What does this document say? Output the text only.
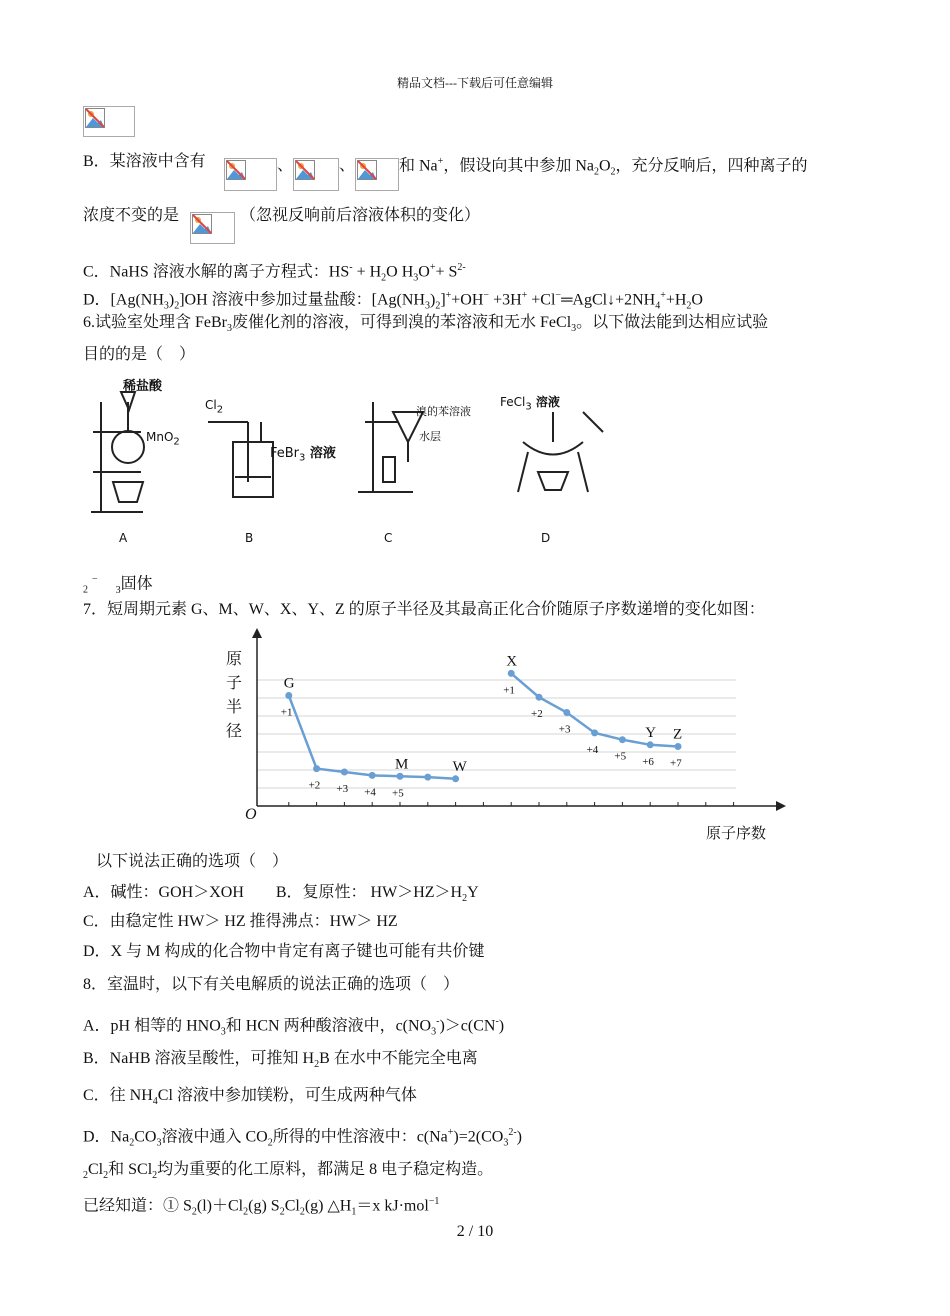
精品文档---下载后可任意编辑
B．某溶液中含有	、	、	和 Na+，假设向其中参加 $Na_2O_2$，充分反响后，四种离子的
浓度不变的是	（忽视反响前后溶液体积的变化）
C．NaHS 溶液水解的离子方程式：$HS^- + H_2O$ $H_3O^++ S^{2-}$
D．$[Ag(NH_3)_2]OH$ 溶液中参加过量盐酸：$[Ag(NH_3)_2]^++OH^- +3H^+$ $+Cl^-═AgCl↓+2NH_4^++H_2O$
6.试验室处理含 FeBr$_3$废催化剂的溶液，可得到溴的苯溶液和无水 FeCl$_3$。以下做法能到达相应试验
目的的是（　）
稀盐酸
MnO$_2$
$Cl_2$
FeBr$_3$ 溶液
溴的苯溶液
水层
FeCl$_3$ 溶液
A	B	C	D
$_2$−$_3$固体
7．短周期元素 G、M、W、X、Y、Z 的原子半径及其最高正化合价随原子序数递增的变化如图：
G
M	W
X
Y Z
+1
+2 +3 +4 +5
+1
+2
+3
+4
+5 +6 +7
原
子
半
径
O
原子序数
以下说法正确的选项（　）
A．碱性：GOH＞XOH　　B．复原性： $HW>HZ>H_2Y$
C．由稳定性 HW＞ HZ 推得沸点：HW＞ HZ
D．X 与 M 构成的化合物中肯定有离子键也可能有共价键
8．室温时，以下有关电解质的说法正确的选项（　）
A．pH 相等的 $HNO_3$和 HCN 两种酸溶液中，$c(NO_3^-)>c(CN^-)$
B．NaHB 溶液呈酸性，可推知 $H_2B$ 在水中不能完全电离
C．往 $NH_4Cl$ 溶液中参加镁粉，可生成两种气体
D．$Na_2CO_3$溶液中通入 $CO_2$所得的中性溶液中：$c(Na^+)=2(CO_3^{2-})$
$_2Cl_2$和 SCl$_2$均为重要的化工原料，都满足 8 电子稳定构造。
已经知道：① $S_2(l)+Cl_2(g)$ $S_2Cl_2(g)$ $\triangle H_1=x$ kJ·mol$^{-1}$
2 / 10
